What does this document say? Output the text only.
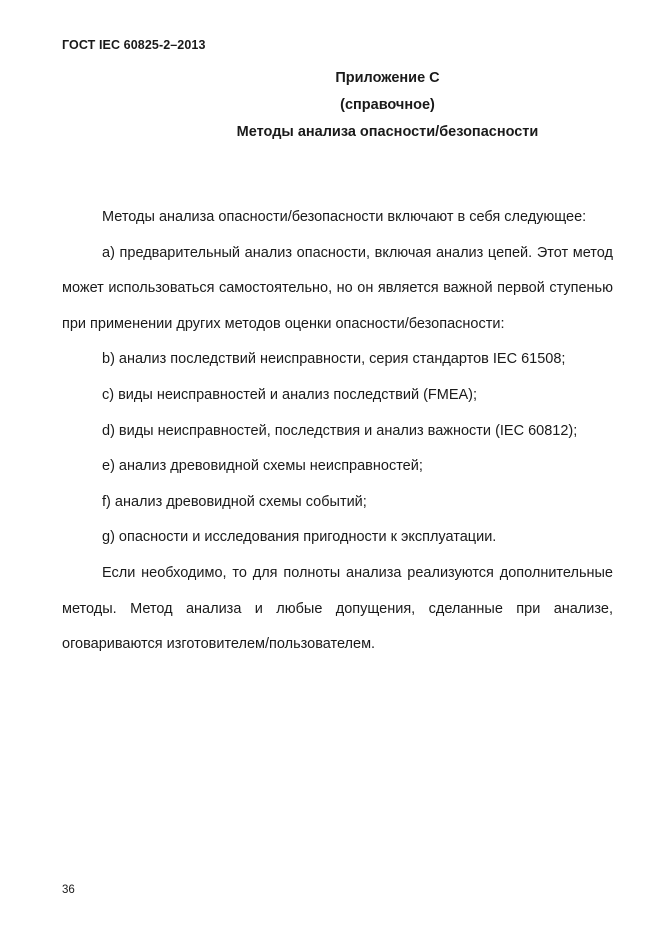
ГОСТ IEC 60825-2–2013
Приложение С
(справочное)
Методы анализа опасности/безопасности

Методы анализа опасности/безопасности включают в себя следующее:

а) предварительный анализ опасности, включая анализ цепей. Этот метод может использоваться самостоятельно, но он является важной первой ступенью при применении других методов оценки опасности/безопасности:

b) анализ последствий неисправности, серия стандартов IEC 61508;

c) виды неисправностей и анализ последствий (FMEA);

d) виды неисправностей, последствия и анализ важности (IEC 60812);

e) анализ древовидной схемы неисправностей;

f) анализ древовидной схемы событий;

g) опасности и исследования пригодности к эксплуатации.

Если необходимо, то для полноты анализа реализуются дополнительные методы. Метод анализа и любые допущения, сделанные при анализе, оговариваются изготовителем/пользователем.

36
